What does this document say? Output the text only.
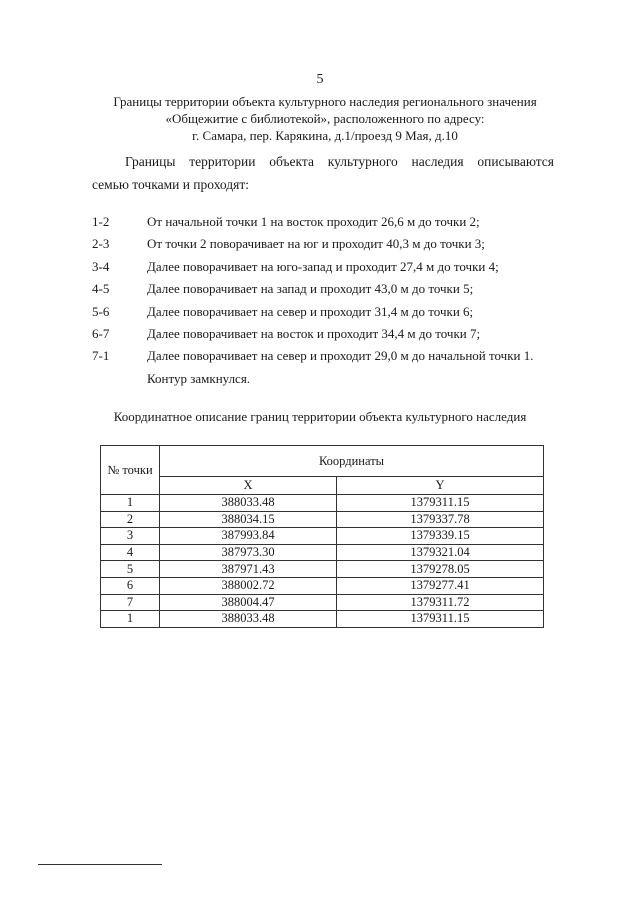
5
Границы территории объекта культурного наследия регионального значения
«Общежитие с библиотекой», расположенного по адресу:
г. Самара, пер. Карякина, д.1/проезд 9 Мая, д.10
Границы территории объекта культурного наследия описываются
семью точками и проходят:
1-2	От начальной точки 1 на восток проходит 26,6 м до точки 2;
2-3	От точки 2 поворачивает на юг и проходит 40,3 м до точки 3;
3-4	Далее поворачивает на юго-запад и проходит 27,4 м до точки 4;
4-5	Далее поворачивает на запад и проходит 43,0 м до точки 5;
5-6	Далее поворачивает на север и проходит 31,4 м до точки 6;
6-7	Далее поворачивает на восток и проходит 34,4 м до точки 7;
7-1	Далее поворачивает на север и проходит 29,0 м до начальной точки 1.
Контур замкнулся.
Координатное описание границ территории объекта культурного наследия
№ точки	Координаты	
	X	Y
1	388033.48	1379311.15
2	388034.15	1379337.78
3	387993.84	1379339.15
4	387973.30	1379321.04
5	387971.43	1379278.05
6	388002.72	1379277.41
7	388004.47	1379311.72
1	388033.48	1379311.15
